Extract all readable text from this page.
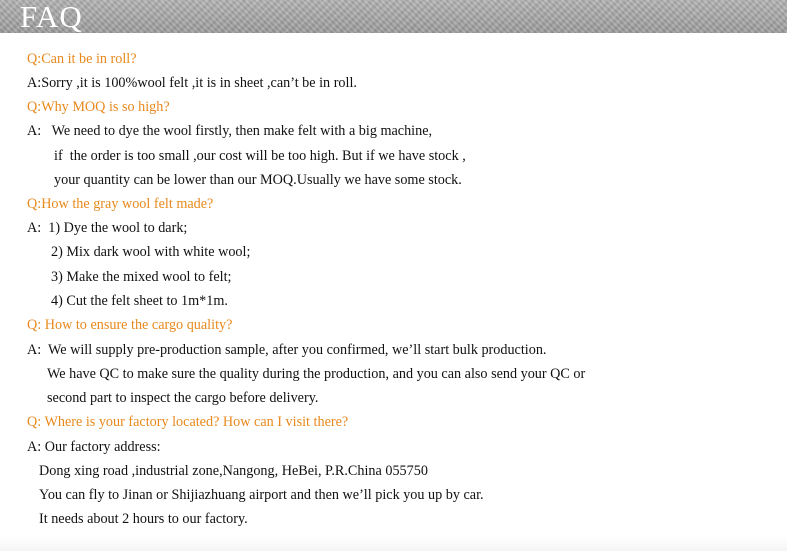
FAQ
Q:Can it be in roll?
A:Sorry ,it is 100%wool felt ,it is in sheet ,can’t be in roll.
Q:Why MOQ is so high?
A:   We need to dye the wool firstly, then make felt with a big machine,
if  the order is too small ,our cost will be too high. But if we have stock ,
your quantity can be lower than our MOQ.Usually we have some stock.
Q:How the gray wool felt made?
A:  1) Dye the wool to dark;
2) Mix dark wool with white wool;
3) Make the mixed wool to felt;
4) Cut the felt sheet to 1m*1m.
Q: How to ensure the cargo quality?
A:  We will supply pre-production sample, after you confirmed, we’ll start bulk production.
We have QC to make sure the quality during the production, and you can also send your QC or
second part to inspect the cargo before delivery.
Q: Where is your factory located? How can I visit there?
A: Our factory address:
Dong xing road ,industrial zone,Nangong, HeBei, P.R.China 055750
You can fly to Jinan or Shijiazhuang airport and then we’ll pick you up by car.
It needs about 2 hours to our factory.
